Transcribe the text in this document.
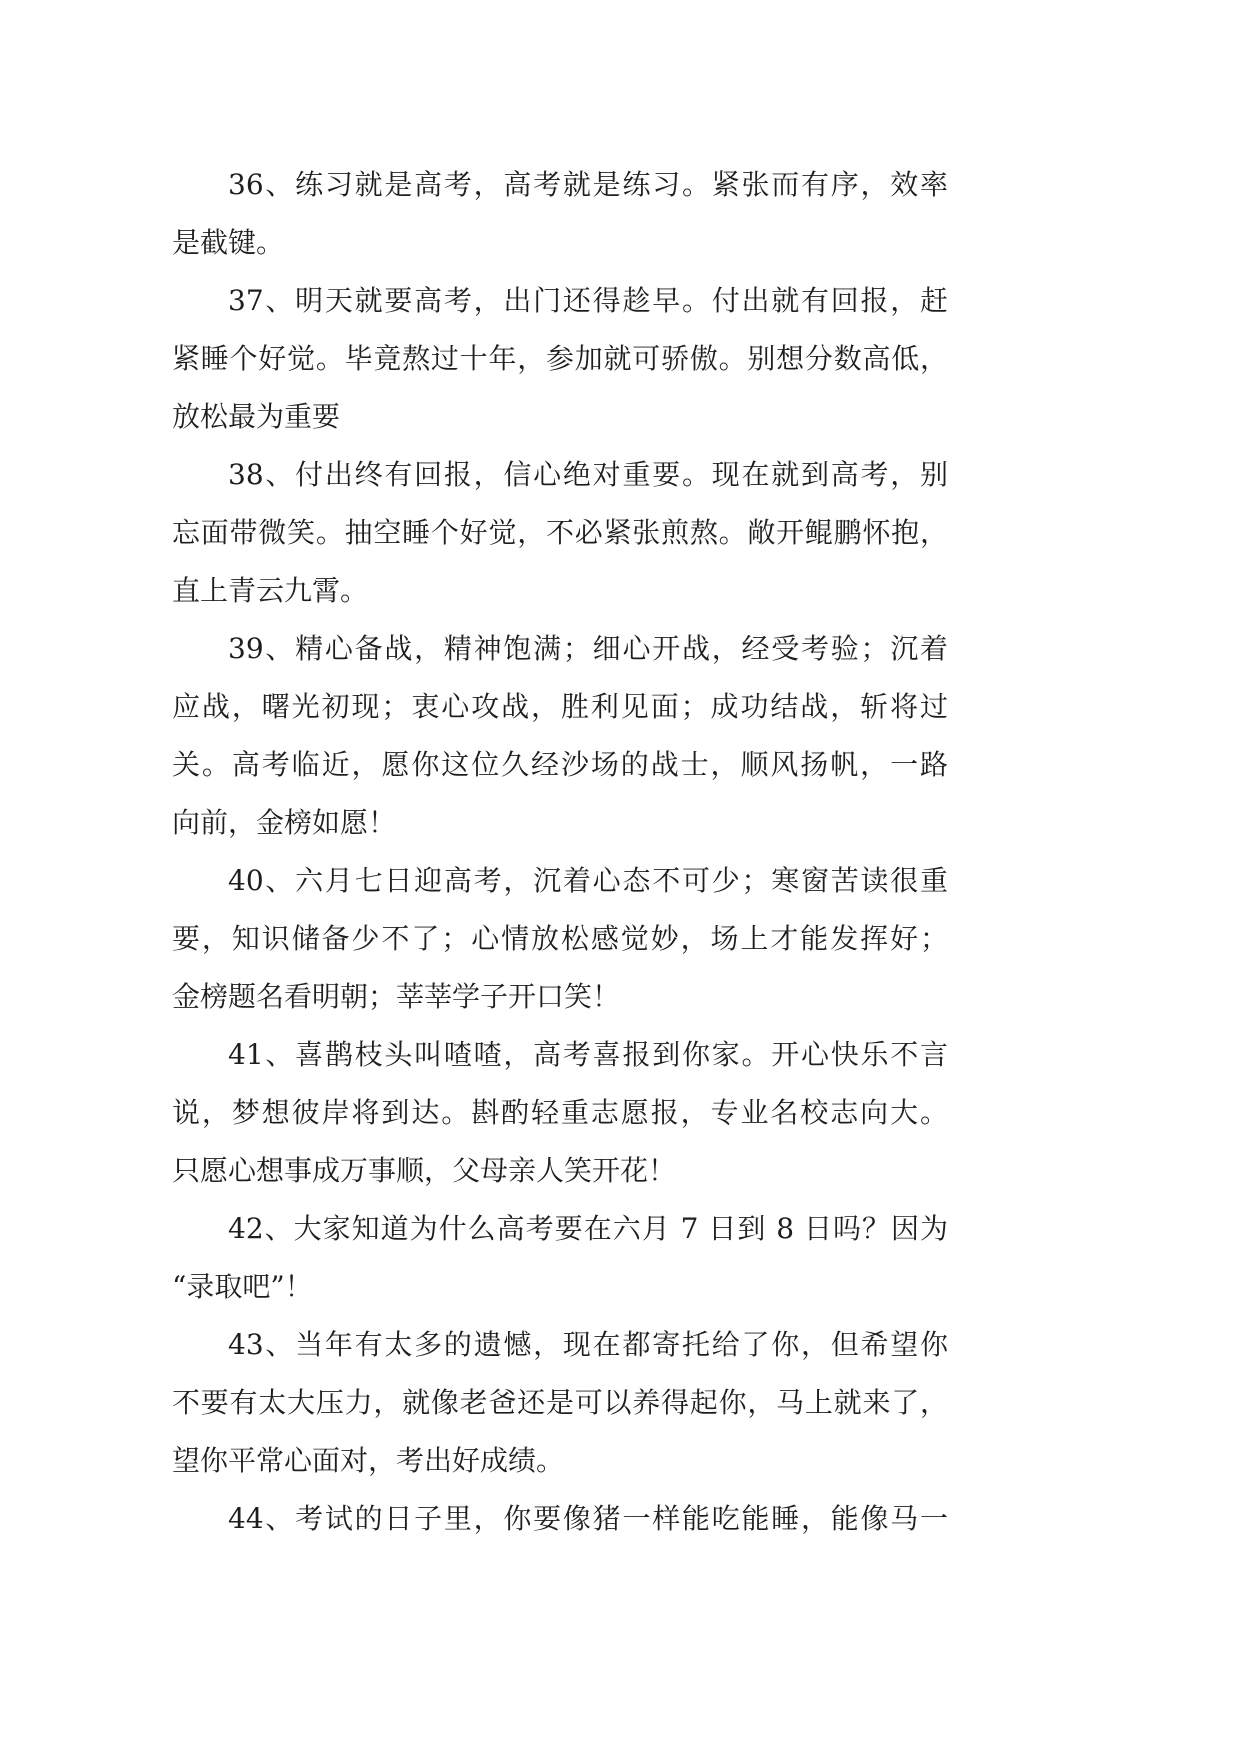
36、练习就是高考，高考就是练习。紧张而有序，效率
是截键。
37、明天就要高考，出门还得趁早。付出就有回报，赶
紧睡个好觉。毕竟熬过十年，参加就可骄傲。别想分数高低，
放松最为重要
38、付出终有回报，信心绝对重要。现在就到高考，别
忘面带微笑。抽空睡个好觉，不必紧张煎熬。敞开鲲鹏怀抱，
直上青云九霄。
39、精心备战，精神饱满；细心开战，经受考验；沉着
应战，曙光初现；衷心攻战，胜利见面；成功结战，斩将过
关。高考临近，愿你这位久经沙场的战士，顺风扬帆，一路
向前，金榜如愿！
40、六月七日迎高考，沉着心态不可少；寒窗苦读很重
要，知识储备少不了；心情放松感觉妙，场上才能发挥好；
金榜题名看明朝；莘莘学子开口笑！
41、喜鹊枝头叫喳喳，高考喜报到你家。开心快乐不言
说，梦想彼岸将到达。斟酌轻重志愿报，专业名校志向大。
只愿心想事成万事顺，父母亲人笑开花！
42、大家知道为什么高考要在六月 7 日到 8 日吗？因为
“录取吧”！
43、当年有太多的遗憾，现在都寄托给了你，但希望你
不要有太大压力，就像老爸还是可以养得起你，马上就来了，
望你平常心面对，考出好成绩。
44、考试的日子里，你要像猪一样能吃能睡，能像马一
